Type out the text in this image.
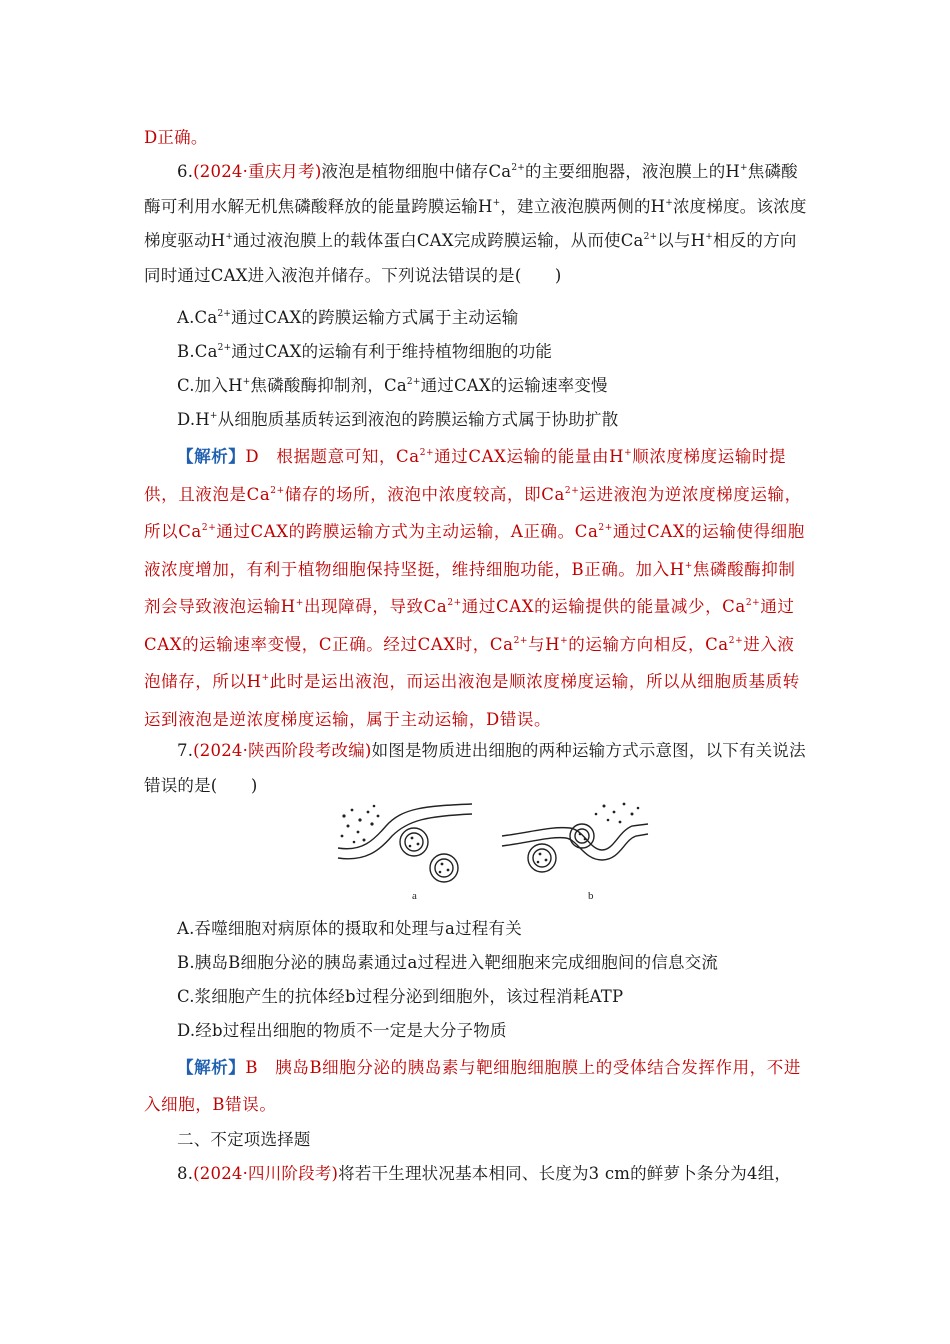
D正确。

6.(2024·重庆月考)液泡是植物细胞中储存$Ca^{2+}$的主要细胞器，液泡膜上的H+焦磷酸酶可利用水解无机焦磷酸释放的能量跨膜运输H+，建立液泡膜两侧的H+浓度梯度。该浓度梯度驱动H+通过液泡膜上的载体蛋白CAX完成跨膜运输，从而使$Ca^{2+}$以与H+相反的方向同时通过CAX进入液泡并储存。下列说法错误的是(　　)

$A.Ca^{2+}$通过CAX的跨膜运输方式属于主动运输

$B.Ca^{2+}$通过CAX的运输有利于维持植物细胞的功能

C.加入H+焦磷酸酶抑制剂，$Ca^{2+}$通过CAX的运输速率变慢

D.H+从细胞质基质转运到液泡的跨膜运输方式属于协助扩散

【解析】D　 根据题意可知，$Ca^{2+}$通过CAX运输的能量由H+顺浓度梯度运输时提供，且液泡是$Ca^{2+}$储存的场所，液泡中浓度较高，即$Ca^{2+}$运进液泡为逆浓度梯度运输，所以$Ca^{2+}$通过CAX的跨膜运输方式为主动运输，A正确。$Ca^{2+}$通过CAX的运输使得细胞液浓度增加，有利于植物细胞保持坚挺，维持细胞功能，B正确。加入H+焦磷酸酶抑制剂会导致液泡运输H+出现障碍，导致$Ca^{2+}$通过CAX的运输提供的能量减少，$Ca^{2+}$通过CAX的运输速率变慢，C正确。经过CAX时，$Ca^{2+}$与H+的运输方向相反，$Ca^{2+}$进入液泡储存，所以H+此时是运出液泡，而运出液泡是顺浓度梯度运输，所以从细胞质基质转运到液泡是逆浓度梯度运输，属于主动运输，D错误。

7.(2024·陕西阶段考改编)如图是物质进出细胞的两种运输方式示意图，以下有关说法错误的是(　　)

a	b

A.吞噬细胞对病原体的摄取和处理与a过程有关

B.胰岛B细胞分泌的胰岛素通过a过程进入靶细胞来完成细胞间的信息交流

C.浆细胞产生的抗体经b过程分泌到细胞外，该过程消耗ATP

D.经b过程出细胞的物质不一定是大分子物质

【解析】B　 胰岛B细胞分泌的胰岛素与靶细胞细胞膜上的受体结合发挥作用，不进入细胞，B错误。

二、不定项选择题

8.(2024·四川阶段考)将若干生理状况基本相同、长度为3 cm的鲜萝卜条分为4组，
